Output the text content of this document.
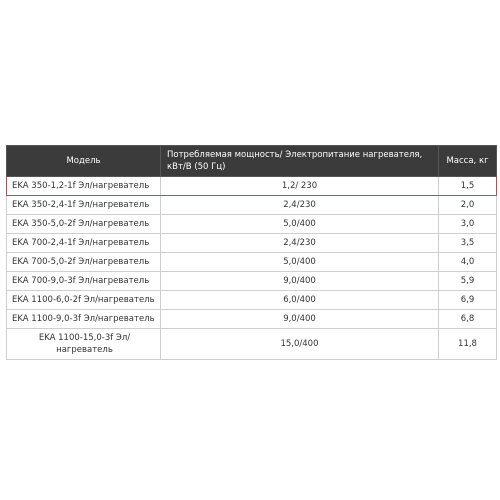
Модель	Потребляемая мощность/ Электропитание нагревателя, кВт/В (50 Гц)	Масса, кг
EKA 350-1,2-1f Эл/нагреватель	1,2/ 230	1,5
EKA 350-2,4-1f Эл/нагреватель	2,4/230	2,0
EKA 350-5,0-2f Эл/нагреватель	5,0/400	3,0
EKA 700-2,4-1f Эл/нагреватель	2,4/230	3,5
EKA 700-5,0-2f Эл/нагреватель	5,0/400	4,0
EKA 700-9,0-3f Эл/нагреватель	9,0/400	5,9
EKA 1100-6,0-2f Эл/нагреватель	6,0/400	6,9
EKA 1100-9,0-3f Эл/нагреватель	9,0/400	6,8
EKA 1100-15,0-3f Эл/нагреватель	15,0/400	11,8
